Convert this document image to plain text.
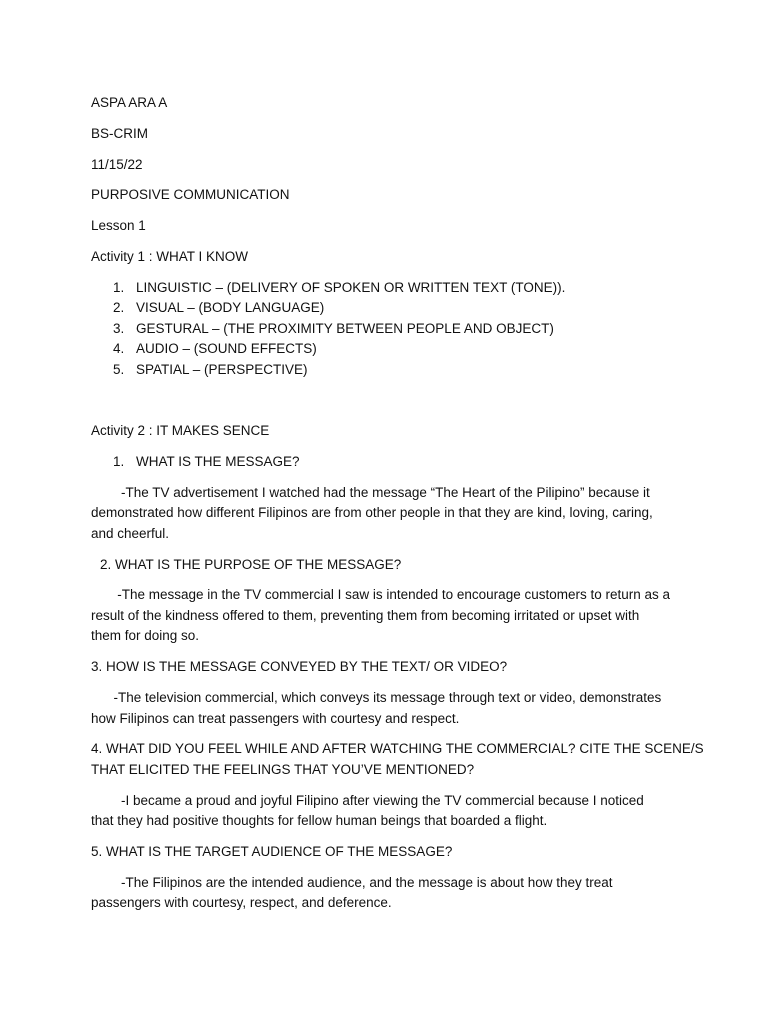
ASPA ARA A
BS-CRIM
11/15/22
PURPOSIVE COMMUNICATION
Lesson 1
Activity 1 : WHAT I KNOW
1. LINGUISTIC – (DELIVERY OF SPOKEN OR WRITTEN TEXT (TONE)).
2. VISUAL – (BODY LANGUAGE)
3. GESTURAL – (THE PROXIMITY BETWEEN PEOPLE AND OBJECT)
4. AUDIO – (SOUND EFFECTS)
5. SPATIAL – (PERSPECTIVE)
Activity 2 : IT MAKES SENCE
1. WHAT IS THE MESSAGE?
-The TV advertisement I watched had the message “The Heart of the Pilipino” because it
demonstrated how different Filipinos are from other people in that they are kind, loving, caring,
and cheerful.
2. WHAT IS THE PURPOSE OF THE MESSAGE?
-The message in the TV commercial I saw is intended to encourage customers to return as a
result of the kindness offered to them, preventing them from becoming irritated or upset with
them for doing so.
3. HOW IS THE MESSAGE CONVEYED BY THE TEXT/ OR VIDEO?
-The television commercial, which conveys its message through text or video, demonstrates
how Filipinos can treat passengers with courtesy and respect.
4. WHAT DID YOU FEEL WHILE AND AFTER WATCHING THE COMMERCIAL? CITE THE SCENE/S
THAT ELICITED THE FEELINGS THAT YOU’VE MENTIONED?
-I became a proud and joyful Filipino after viewing the TV commercial because I noticed
that they had positive thoughts for fellow human beings that boarded a flight.
5. WHAT IS THE TARGET AUDIENCE OF THE MESSAGE?
-The Filipinos are the intended audience, and the message is about how they treat
passengers with courtesy, respect, and deference.
